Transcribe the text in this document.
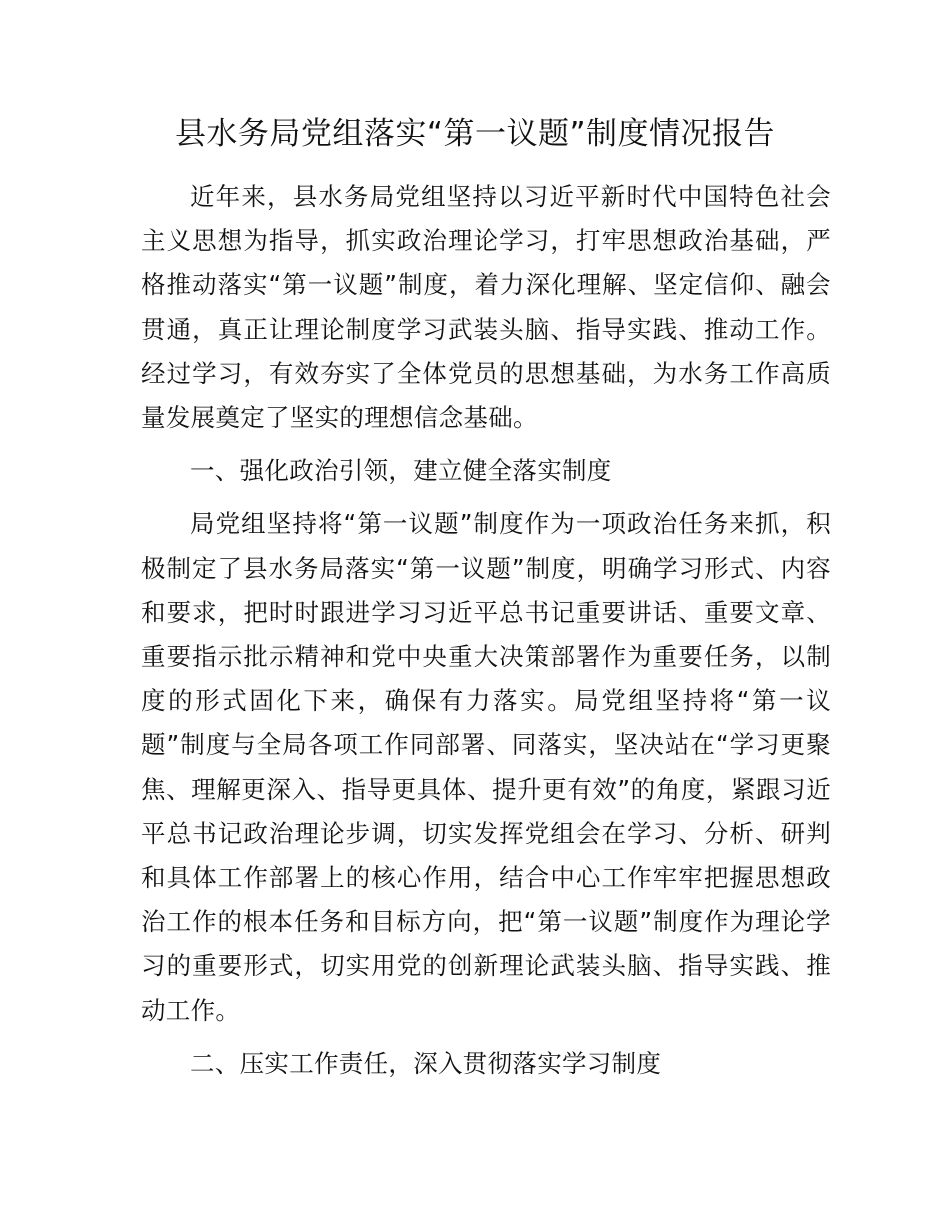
县水务局党组落实“第一议题”制度情况报告

近年来，县水务局党组坚持以习近平新时代中国特色社会主义思想为指导，抓实政治理论学习，打牢思想政治基础，严格推动落实“第一议题”制度，着力深化理解、坚定信仰、融会贯通，真正让理论制度学习武装头脑、指导实践、推动工作。经过学习，有效夯实了全体党员的思想基础，为水务工作高质量发展奠定了坚实的理想信念基础。

一、强化政治引领，建立健全落实制度

局党组坚持将“第一议题”制度作为一项政治任务来抓，积极制定了县水务局落实“第一议题”制度，明确学习形式、内容和要求，把时时跟进学习习近平总书记重要讲话、重要文章、重要指示批示精神和党中央重大决策部署作为重要任务，以制度的形式固化下来，确保有力落实。局党组坚持将“第一议题”制度与全局各项工作同部署、同落实，坚决站在“学习更聚焦、理解更深入、指导更具体、提升更有效”的角度，紧跟习近平总书记政治理论步调，切实发挥党组会在学习、分析、研判和具体工作部署上的核心作用，结合中心工作牢牢把握思想政治工作的根本任务和目标方向，把“第一议题”制度作为理论学习的重要形式，切实用党的创新理论武装头脑、指导实践、推动工作。

二、压实工作责任，深入贯彻落实学习制度
